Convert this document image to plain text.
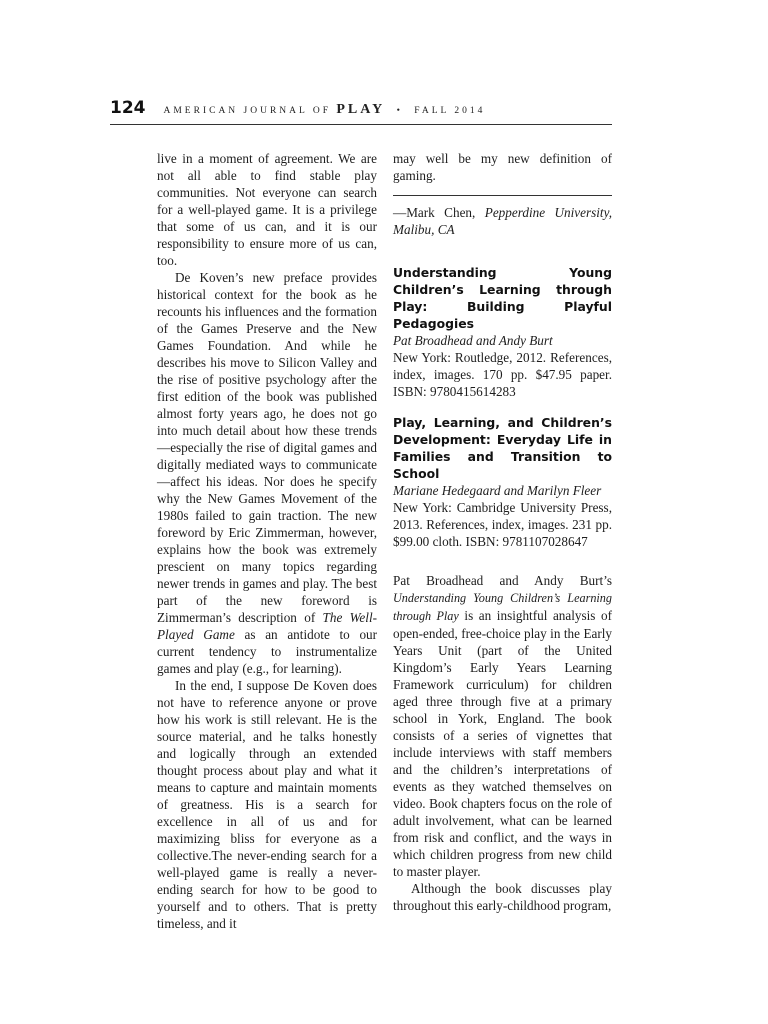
124 AMERICAN JOURNAL OF PLAY • FALL 2014

live in a moment of agreement. We are not all able to find stable play communities. Not everyone can search for a well-played game. It is a privilege that some of us can, and it is our responsibility to ensure more of us can, too.

De Koven’s new preface provides historical context for the book as he recounts his influences and the formation of the Games Preserve and the New Games Foundation. And while he describes his move to Silicon Valley and the rise of positive psychology after the first edition of the book was published almost forty years ago, he does not go into much detail about how these trends—especially the rise of digital games and digitally mediated ways to communicate—affect his ideas. Nor does he specify why the New Games Movement of the 1980s failed to gain traction. The new foreword by Eric Zimmerman, however, explains how the book was extremely prescient on many topics regarding newer trends in games and play. The best part of the new foreword is Zimmerman’s description of The Well-Played Game as an antidote to our current tendency to instrumentalize games and play (e.g., for learning).

In the end, I suppose De Koven does not have to reference anyone or prove how his work is still relevant. He is the source material, and he talks honestly and logically through an extended thought process about play and what it means to capture and maintain moments of greatness. His is a search for excellence in all of us and for maximizing bliss for everyone as a collective.The never-ending search for a well-played game is really a never-ending search for how to be good to yourself and to others. That is pretty timeless, and it

may well be my new definition of gaming.

—Mark Chen, Pepperdine University, Malibu, CA

Understanding Young Children’s Learning through Play: Building Playful Pedagogies

Pat Broadhead and Andy Burt

New York: Routledge, 2012. References, index, images. 170 pp. $47.95 paper. ISBN: 9780415614283

Play, Learning, and Children’s Development: Everyday Life in Families and Transition to School

Mariane Hedegaard and Marilyn Fleer

New York: Cambridge University Press, 2013. References, index, images. 231 pp. $99.00 cloth. ISBN: 9781107028647

Pat Broadhead and Andy Burt’s Understanding Young Children’s Learning through Play is an insightful analysis of open-ended, free-choice play in the Early Years Unit (part of the United Kingdom’s Early Years Learning Framework curriculum) for children aged three through five at a primary school in York, England. The book consists of a series of vignettes that include interviews with staff members and the children’s interpretations of events as they watched themselves on video. Book chapters focus on the role of adult involvement, what can be learned from risk and conflict, and the ways in which children progress from new child to master player.

Although the book discusses play throughout this early-childhood program,
